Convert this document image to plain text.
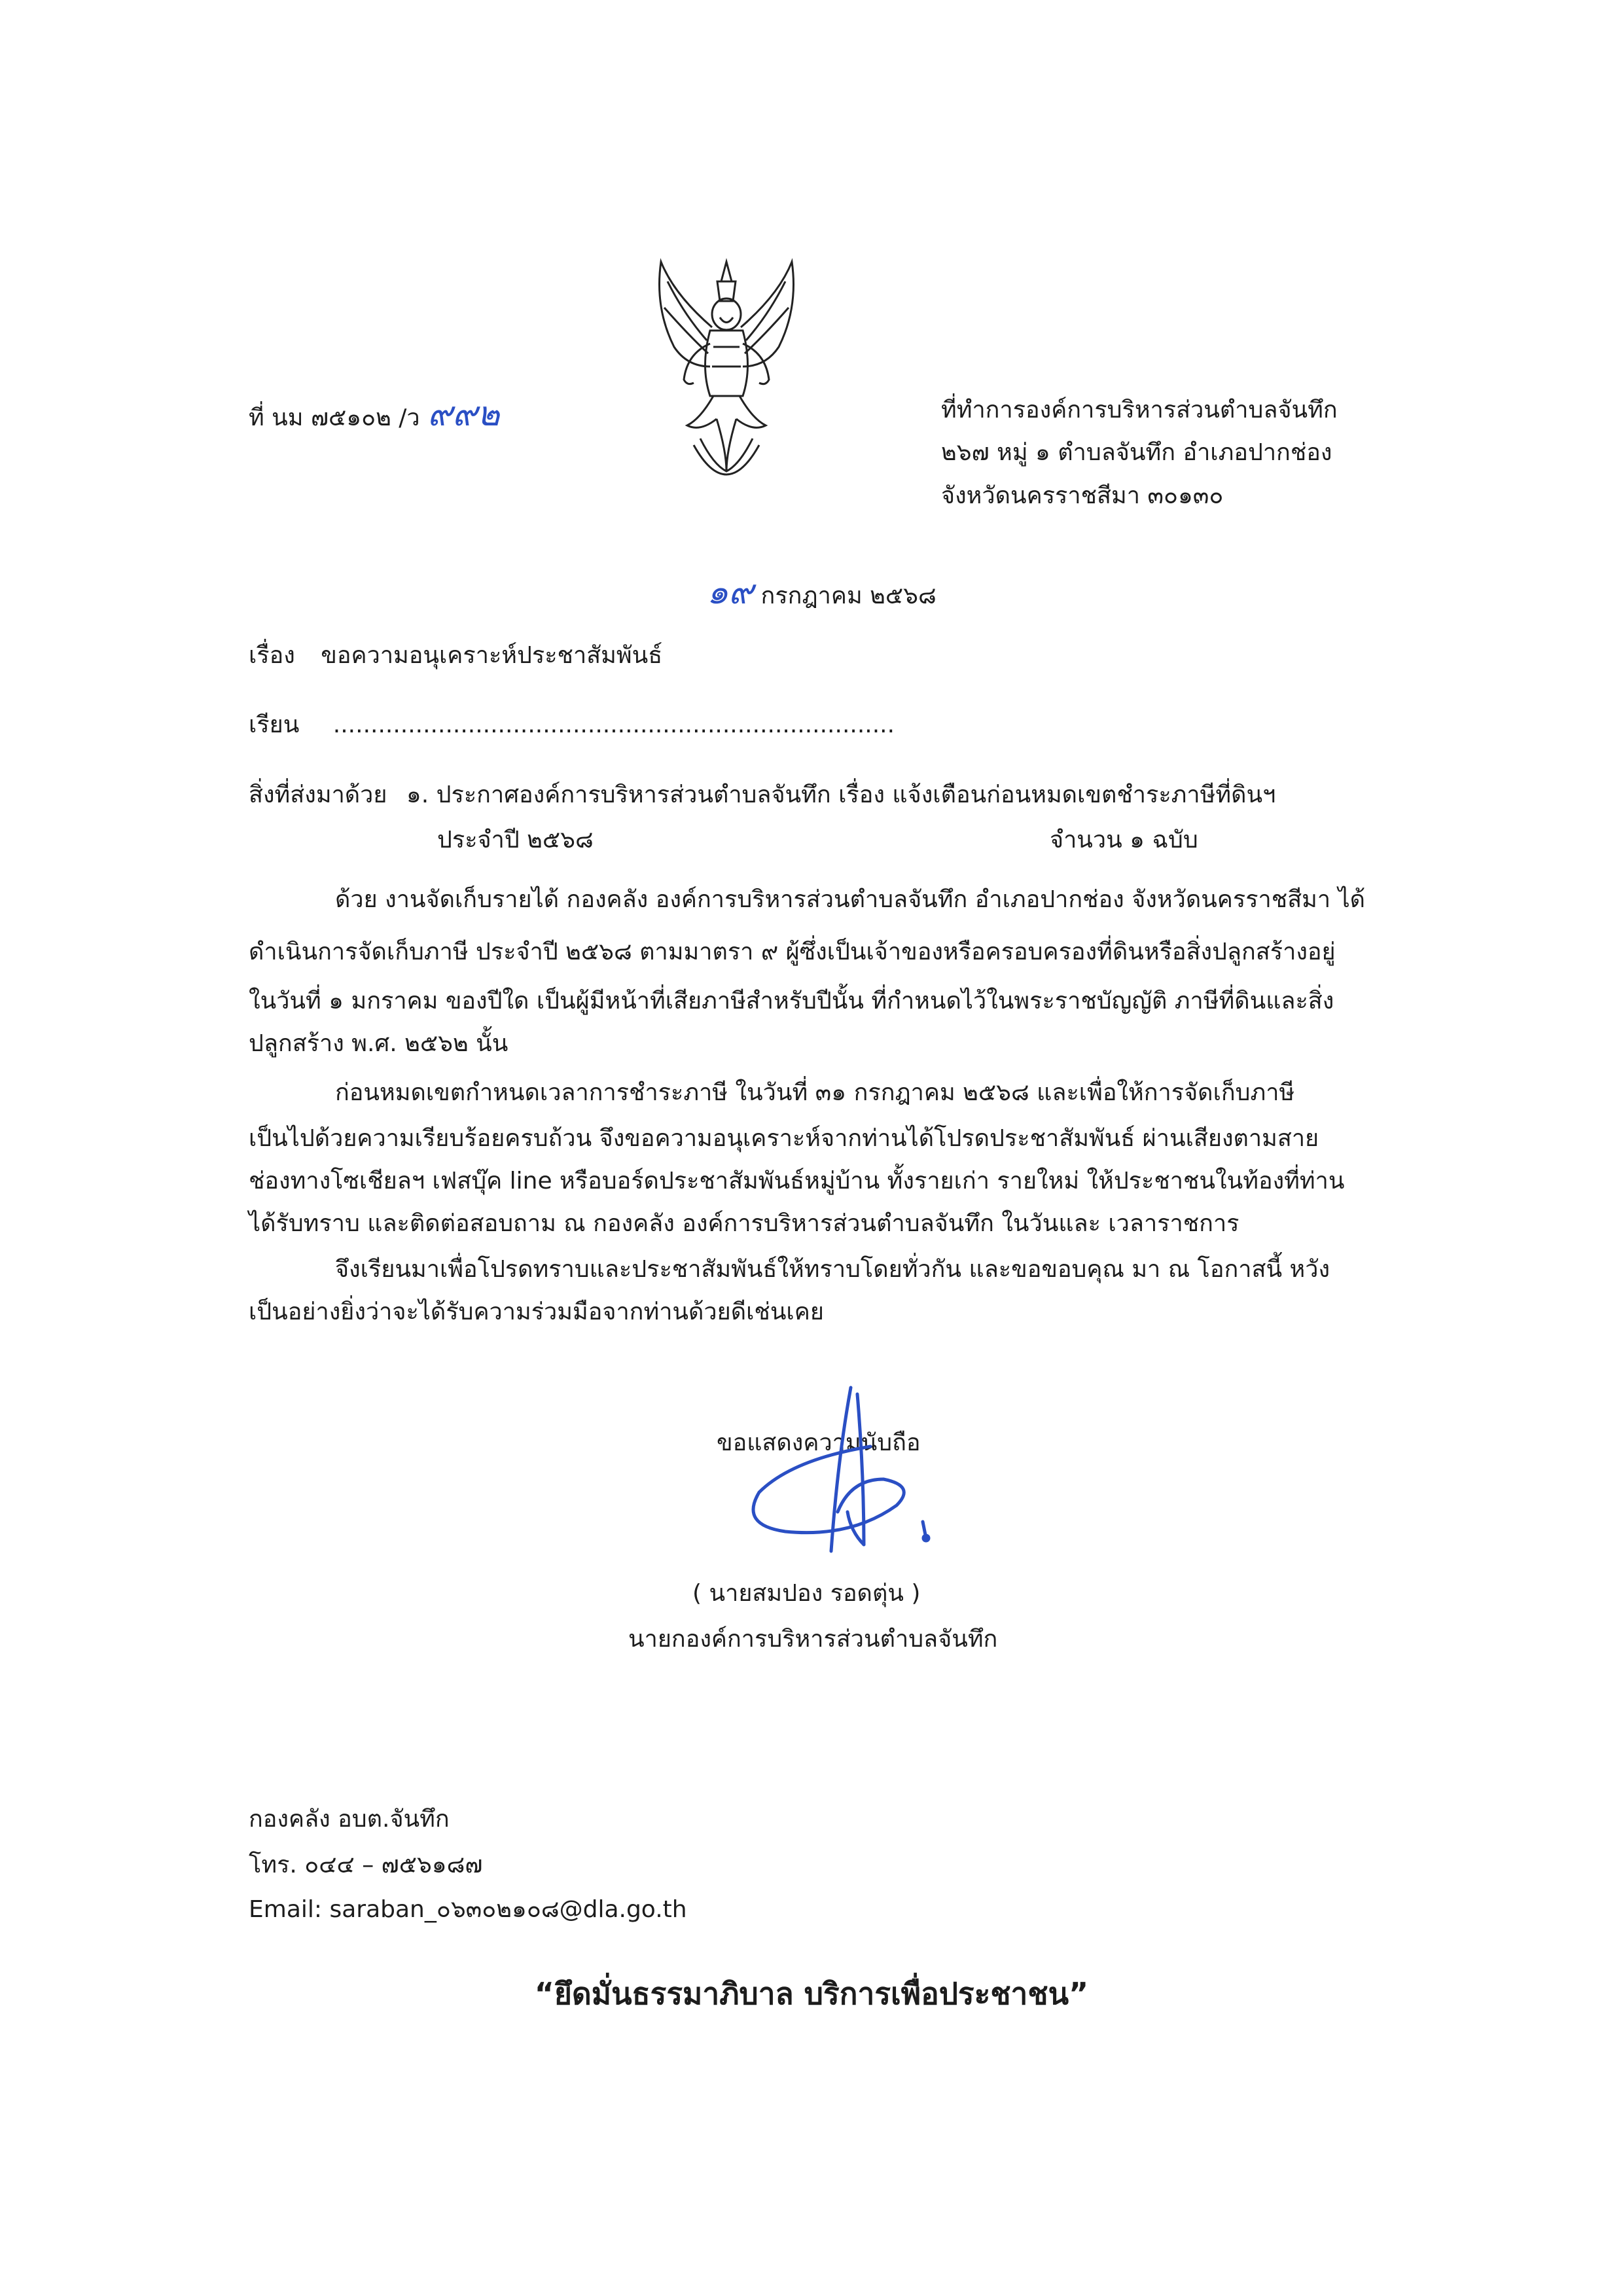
ที่ นม ๗๕๑๐๒ /ว ๙๙๒	ที่ทำการองค์การบริหารส่วนตำบลจันทึก
๒๖๗ หมู่ ๑ ตำบลจันทึก อำเภอปากช่อง
จังหวัดนครราชสีมา ๓๐๑๓๐
๑๙ กรกฎาคม ๒๕๖๘
เรื่อง ขอความอนุเคราะห์ประชาสัมพันธ์
เรียน ...........................................................................
สิ่งที่ส่งมาด้วย ๑. ประกาศองค์การบริหารส่วนตำบลจันทึก เรื่อง แจ้งเตือนก่อนหมดเขตชำระภาษีที่ดินฯ
ประจำปี ๒๕๖๘	จำนวน ๑ ฉบับ
ด้วย งานจัดเก็บรายได้ กองคลัง องค์การบริหารส่วนตำบลจันทึก อำเภอปากช่อง จังหวัดนครราชสีมา ได้
ดำเนินการจัดเก็บภาษี ประจำปี ๒๕๖๘ ตามมาตรา ๙ ผู้ซึ่งเป็นเจ้าของหรือครอบครองที่ดินหรือสิ่งปลูกสร้างอยู่
ในวันที่ ๑ มกราคม ของปีใด เป็นผู้มีหน้าที่เสียภาษีสำหรับปีนั้น ที่กำหนดไว้ในพระราชบัญญัติ ภาษีที่ดินและสิ่ง
ปลูกสร้าง พ.ศ. ๒๕๖๒ นั้น
ก่อนหมดเขตกำหนดเวลาการชำระภาษี ในวันที่ ๓๑ กรกฎาคม ๒๕๖๘ และเพื่อให้การจัดเก็บภาษี
เป็นไปด้วยความเรียบร้อยครบถ้วน จึงขอความอนุเคราะห์จากท่านได้โปรดประชาสัมพันธ์ ผ่านเสียงตามสาย
ช่องทางโซเชียลฯ เฟสบุ๊ค line หรือบอร์ดประชาสัมพันธ์หมู่บ้าน ทั้งรายเก่า รายใหม่ ให้ประชาชนในท้องที่ท่าน
ได้รับทราบ และติดต่อสอบถาม ณ กองคลัง องค์การบริหารส่วนตำบลจันทึก ในวันและ เวลาราชการ
จึงเรียนมาเพื่อโปรดทราบและประชาสัมพันธ์ให้ทราบโดยทั่วกัน และขอขอบคุณ มา ณ โอกาสนี้ หวัง
เป็นอย่างยิ่งว่าจะได้รับความร่วมมือจากท่านด้วยดีเช่นเคย
ขอแสดงความนับถือ
( นายสมปอง รอดตุ่น )
นายกองค์การบริหารส่วนตำบลจันทึก
กองคลัง อบต.จันทึก
โทร. ๐๔๔ – ๗๕๖๑๘๗
Email: saraban_๐๖๓๐๒๑๐๘@dla.go.th
“ยึดมั่นธรรมาภิบาล บริการเพื่อประชาชน”
